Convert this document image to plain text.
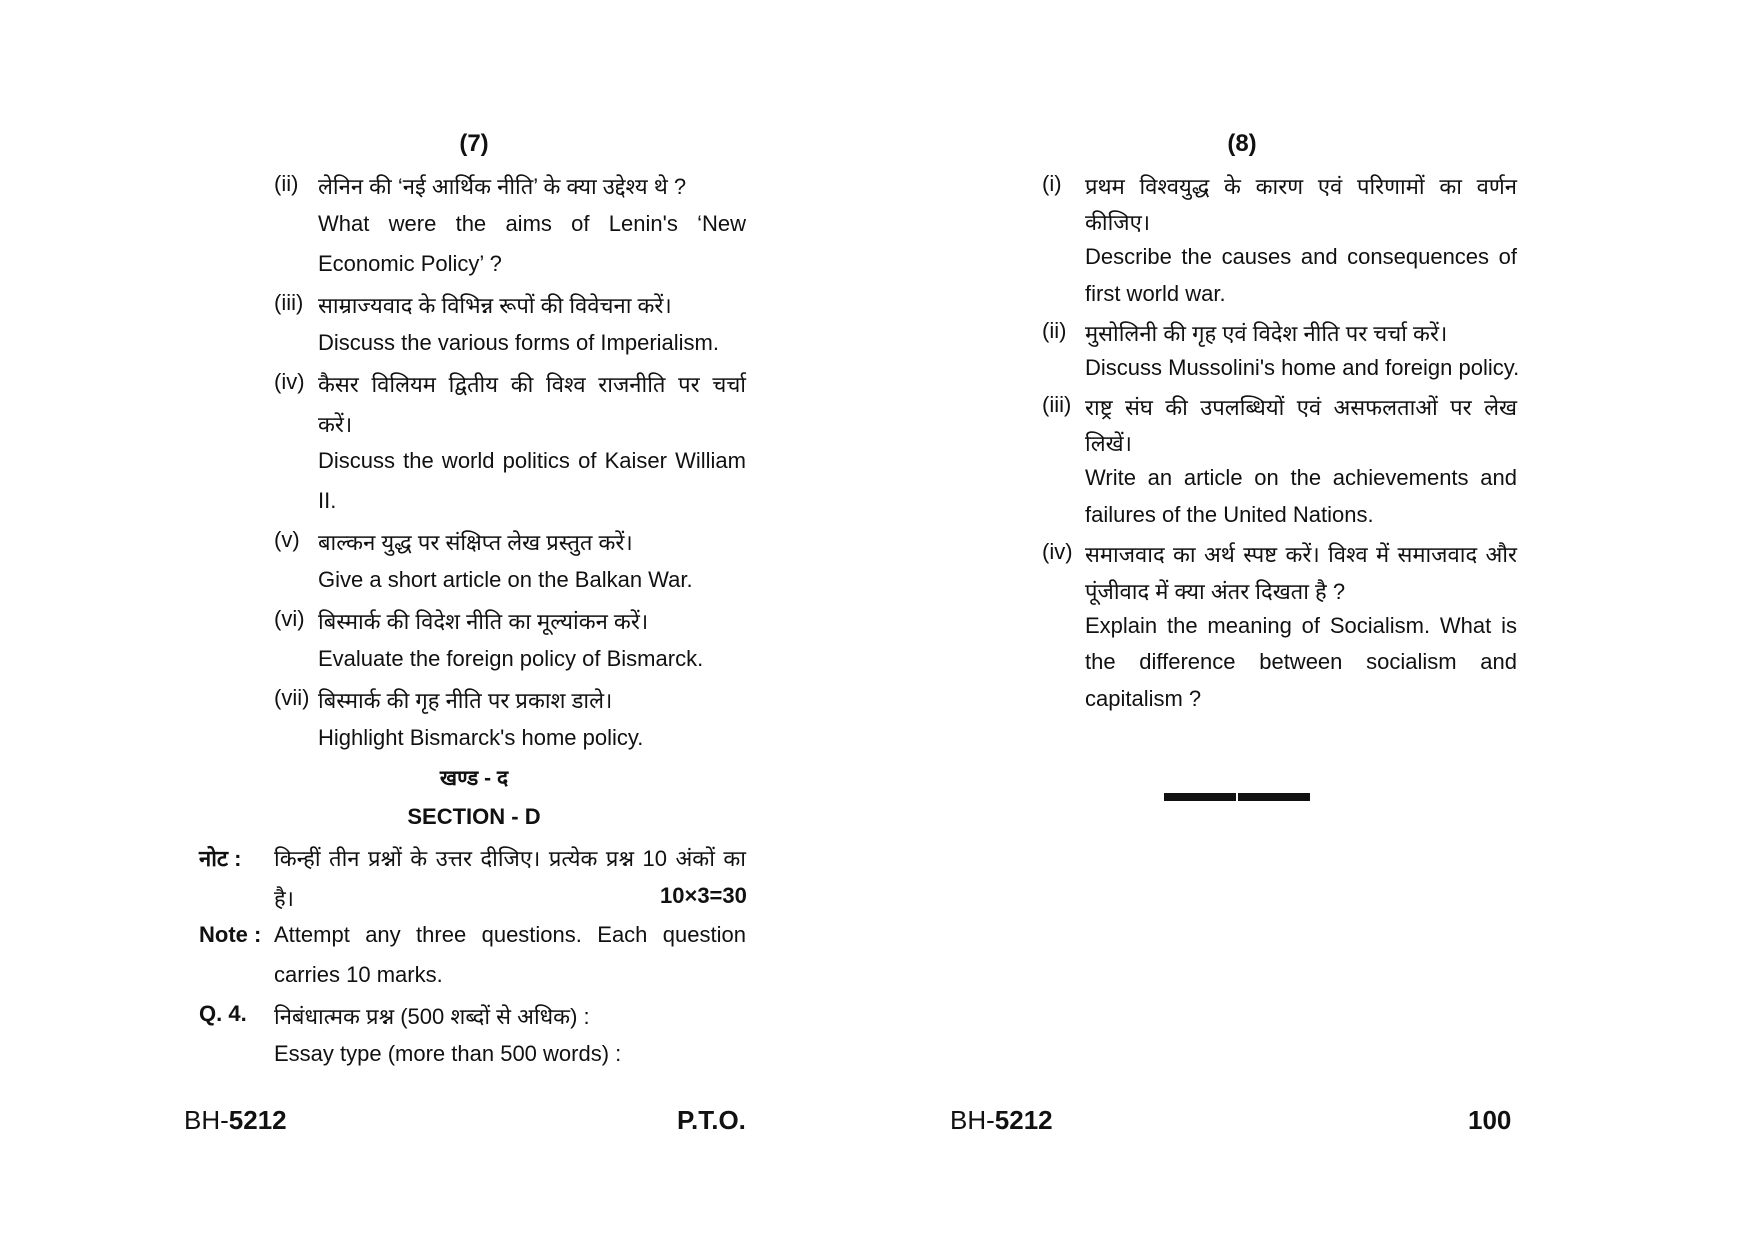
(7)
(ii) लेनिन की ‘नई आर्थिक नीति’ के क्या उद्देश्य थे ?
What were the aims of Lenin's ‘New
Economic Policy’ ?
(iii) साम्राज्यवाद के विभिन्न रूपों की विवेचना करें।
Discuss the various forms of Imperialism.
(iv) कैसर विलियम द्वितीय की विश्व राजनीति पर चर्चा
करें।
Discuss the world politics of Kaiser William
II.
(v) बाल्कन युद्ध पर संक्षिप्त लेख प्रस्तुत करें।
Give a short article on the Balkan War.
(vi) बिस्मार्क की विदेश नीति का मूल्यांकन करें।
Evaluate the foreign policy of Bismarck.
(vii) बिस्मार्क की गृह नीति पर प्रकाश डाले।
Highlight Bismarck's home policy.
खण्ड - द
SECTION - D
नोट : किन्हीं तीन प्रश्नों के उत्तर दीजिए। प्रत्येक प्रश्न 10 अंकों का
है।	10×3=30
Note : Attempt any three questions. Each question
carries 10 marks.
Q. 4. निबंधात्मक प्रश्न (500 शब्दों से अधिक) :
Essay type (more than 500 words) :
BH-5212	P.T.O.
(8)
(i) प्रथम विश्वयुद्ध के कारण एवं परिणामों का वर्णन
कीजिए।
Describe the causes and consequences of
first world war.
(ii) मुसोलिनी की गृह एवं विदेश नीति पर चर्चा करें।
Discuss Mussolini's home and foreign policy.
(iii) राष्ट्र संघ की उपलब्धियों एवं असफलताओं पर लेख
लिखें।
Write an article on the achievements and
failures of the United Nations.
(iv) समाजवाद का अर्थ स्पष्ट करें। विश्व में समाजवाद और
पूंजीवाद में क्या अंतर दिखता है ?
Explain the meaning of Socialism. What is
the difference between socialism and
capitalism ?
BH-5212	100
